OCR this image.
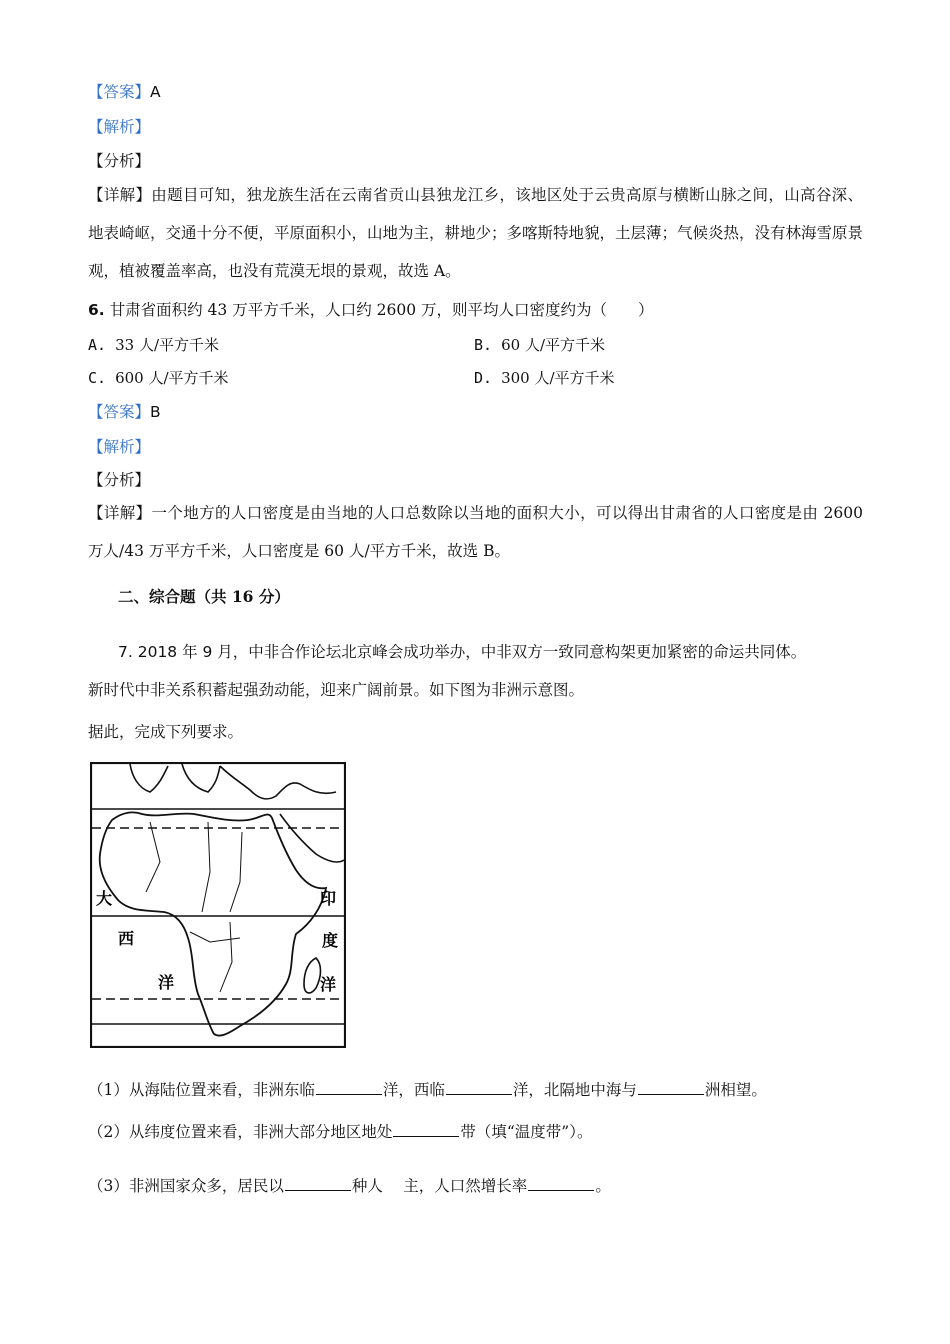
【答案】A
【解析】
【分析】
【详解】由题目可知，独龙族生活在云南省贡山县独龙江乡，该地区处于云贵高原与横断山脉之间，山高谷深、地表崎岖，交通十分不便，平原面积小，山地为主，耕地少；多喀斯特地貌，土层薄；气候炎热，没有林海雪原景观，植被覆盖率高，也没有荒漠无垠的景观，故选 A。
6. 甘肃省面积约 43 万平方千米，人口约 2600 万，则平均人口密度约为（　　）
A. 33 人/平方千米	B. 60 人/平方千米
C. 600 人/平方千米	D. 300 人/平方千米
【答案】B
【解析】
【分析】
【详解】一个地方的人口密度是由当地的人口总数除以当地的面积大小，可以得出甘肃省的人口密度是由 2600 万人/43 万平方千米，人口密度是 60 人/平方千米，故选 B。
二、综合题（共 16 分）
7. 2018 年 9 月，中非合作论坛北京峰会成功举办，中非双方一致同意构架更加紧密的命运共同体。
新时代中非关系积蓄起强劲动能，迎来广阔前景。如下图为非洲示意图。
据此，完成下列要求。
大
西
洋
印
度
洋
（1）从海陆位置来看，非洲东临	洋，西临	洋，北隔地中海与	洲相望。
（2）从纬度位置来看，非洲大部分地区地处	带（填“温度带”）。
（3）非洲国家众多，居民以	种人　 主，人口然增长率	。
